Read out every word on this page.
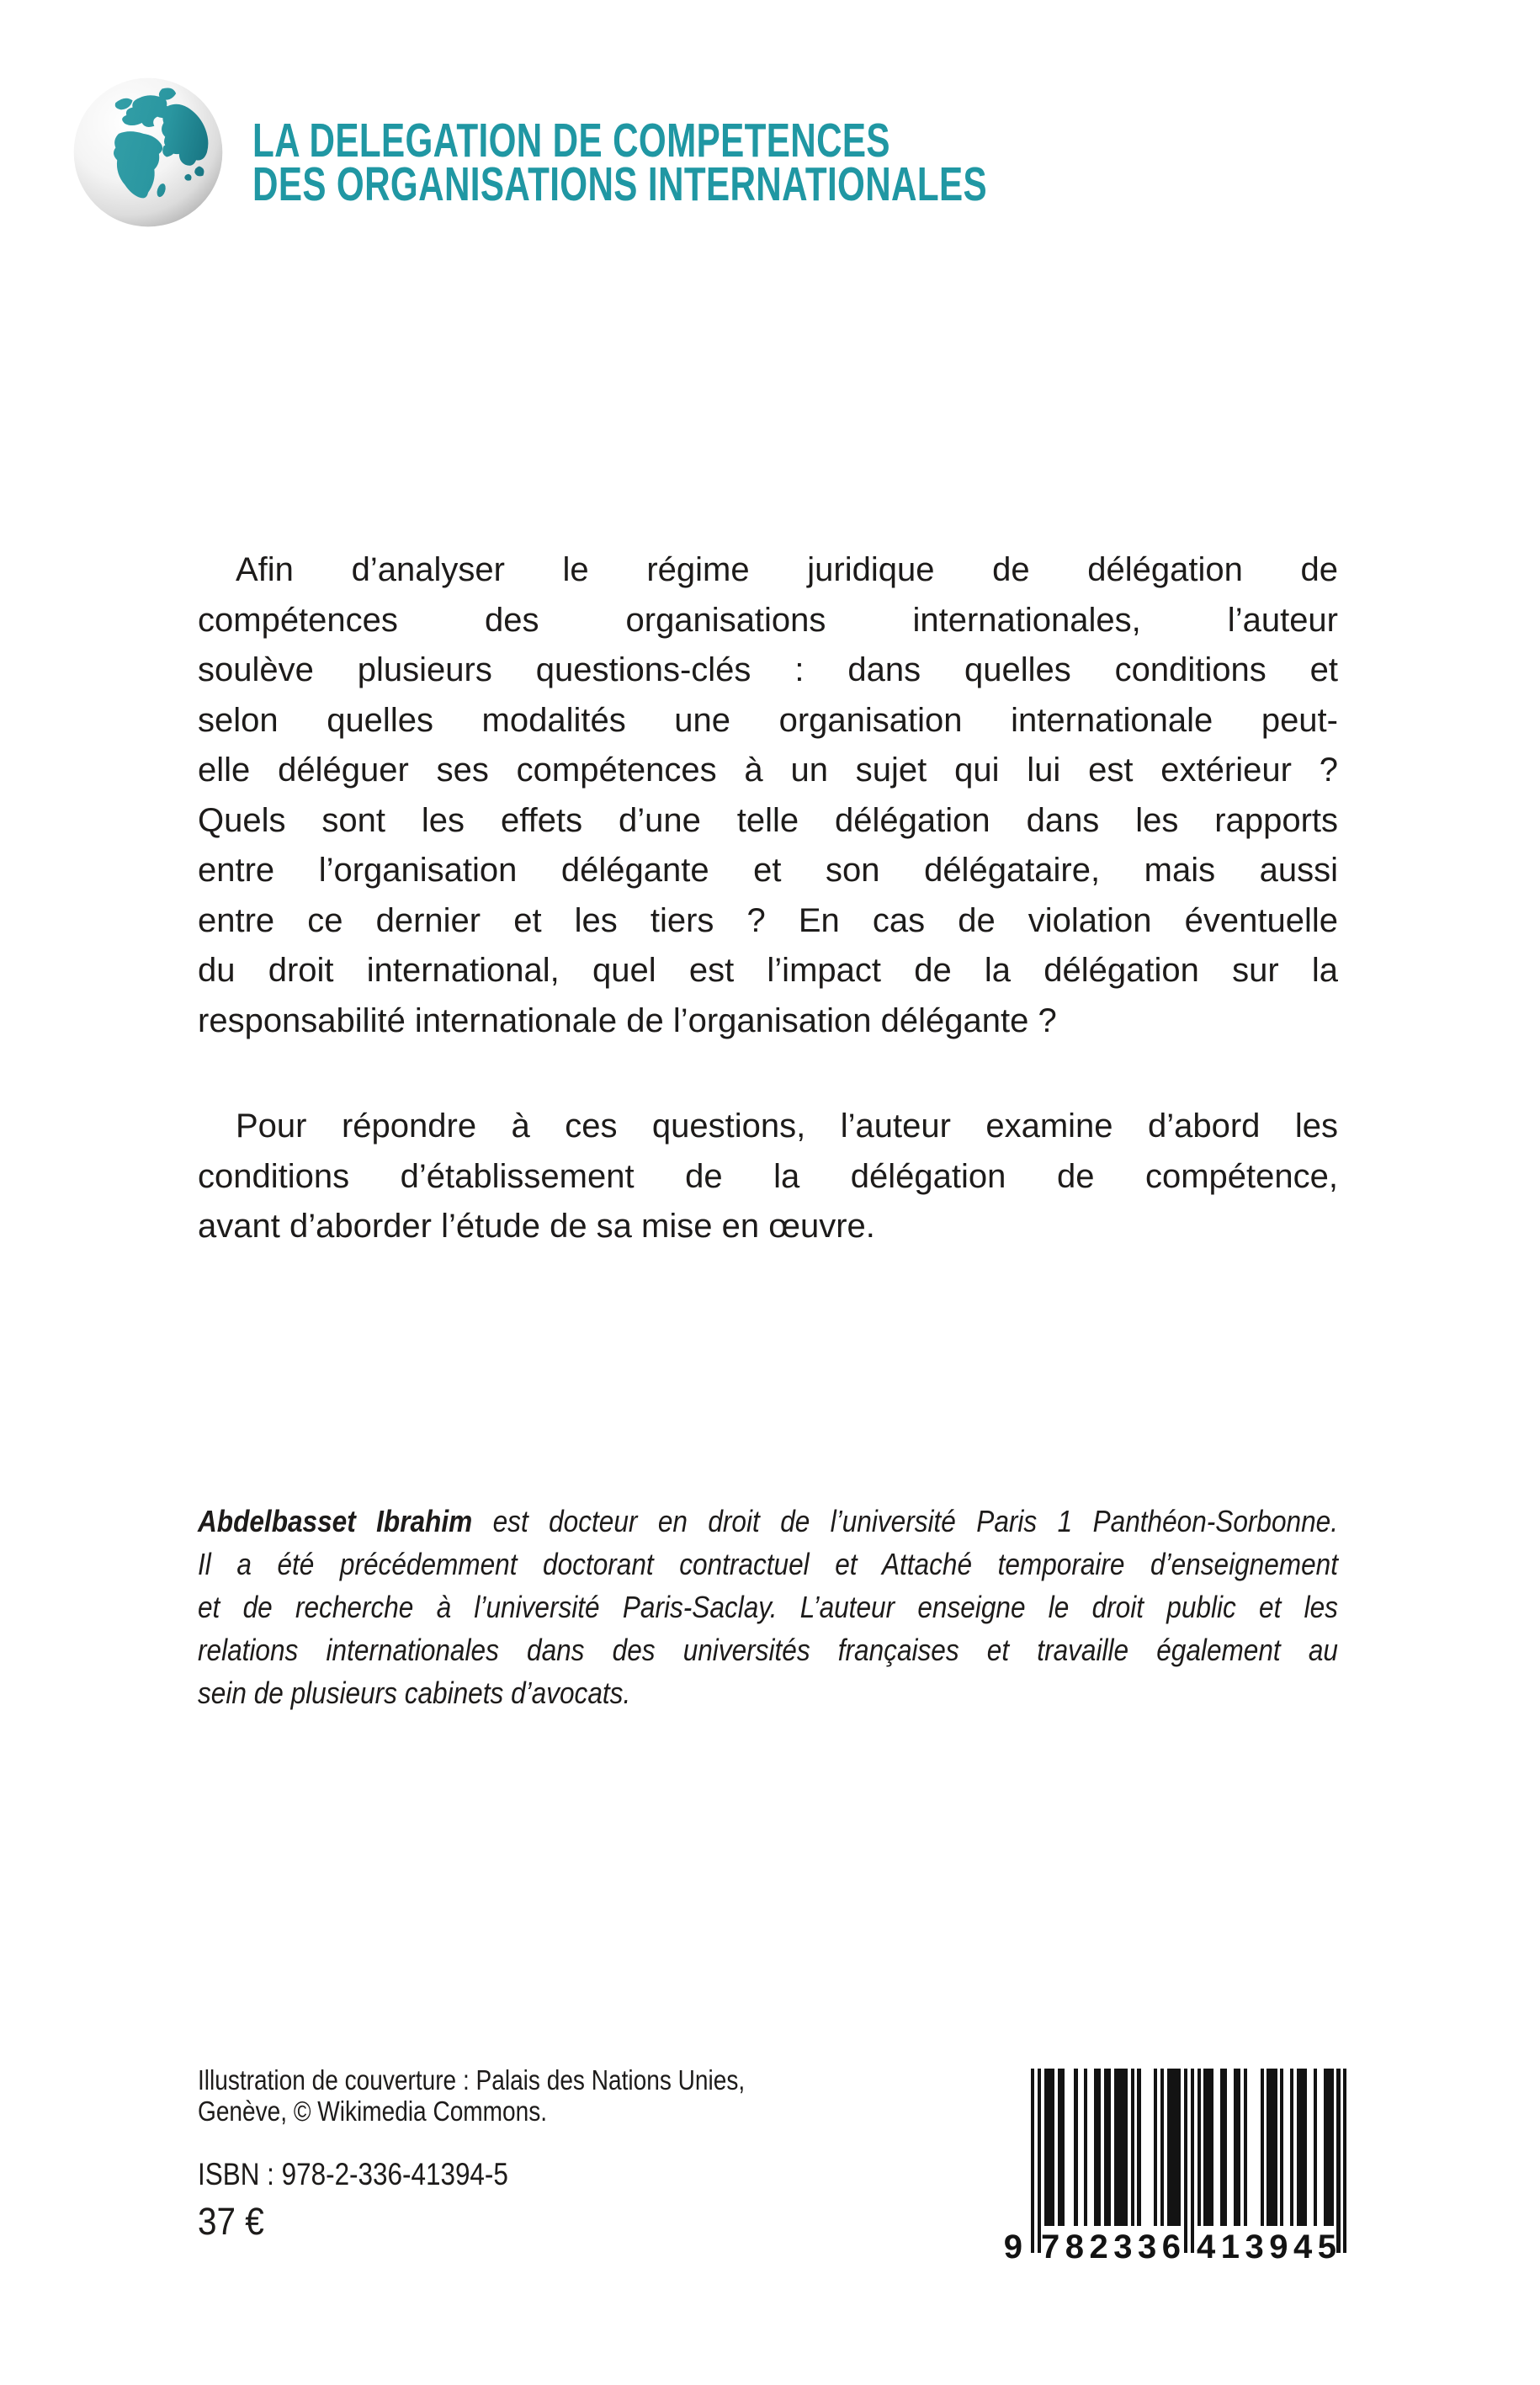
LA DELEGATION DE COMPETENCES
DES ORGANISATIONS INTERNATIONALES
Afin d’analyser le régime juridique de délégation de
compétences des organisations internationales, l’auteur
soulève plusieurs questions-clés : dans quelles conditions et
selon quelles modalités une organisation internationale peut-
elle déléguer ses compétences à un sujet qui lui est extérieur ?
Quels sont les effets d’une telle délégation dans les rapports
entre l’organisation délégante et son délégataire, mais aussi
entre ce dernier et les tiers ? En cas de violation éventuelle
du droit international, quel est l’impact de la délégation sur la
responsabilité internationale de l’organisation délégante ?
Pour répondre à ces questions, l’auteur examine d’abord les
conditions d’établissement de la délégation de compétence,
avant d’aborder l’étude de sa mise en œuvre.
Abdelbasset Ibrahim est docteur en droit de l’université Paris 1 Panthéon-Sorbonne.
Il a été précédemment doctorant contractuel et Attaché temporaire d’enseignement
et de recherche à l’université Paris-Saclay. L’auteur enseigne le droit public et les
relations internationales dans des universités françaises et travaille également au
sein de plusieurs cabinets d’avocats.
Illustration de couverture : Palais des Nations Unies,
Genève, © Wikimedia Commons.
ISBN : 978-2-336-41394-5
37 €
9 7 8 2 3 3 6 4 1 3 9 4 5
